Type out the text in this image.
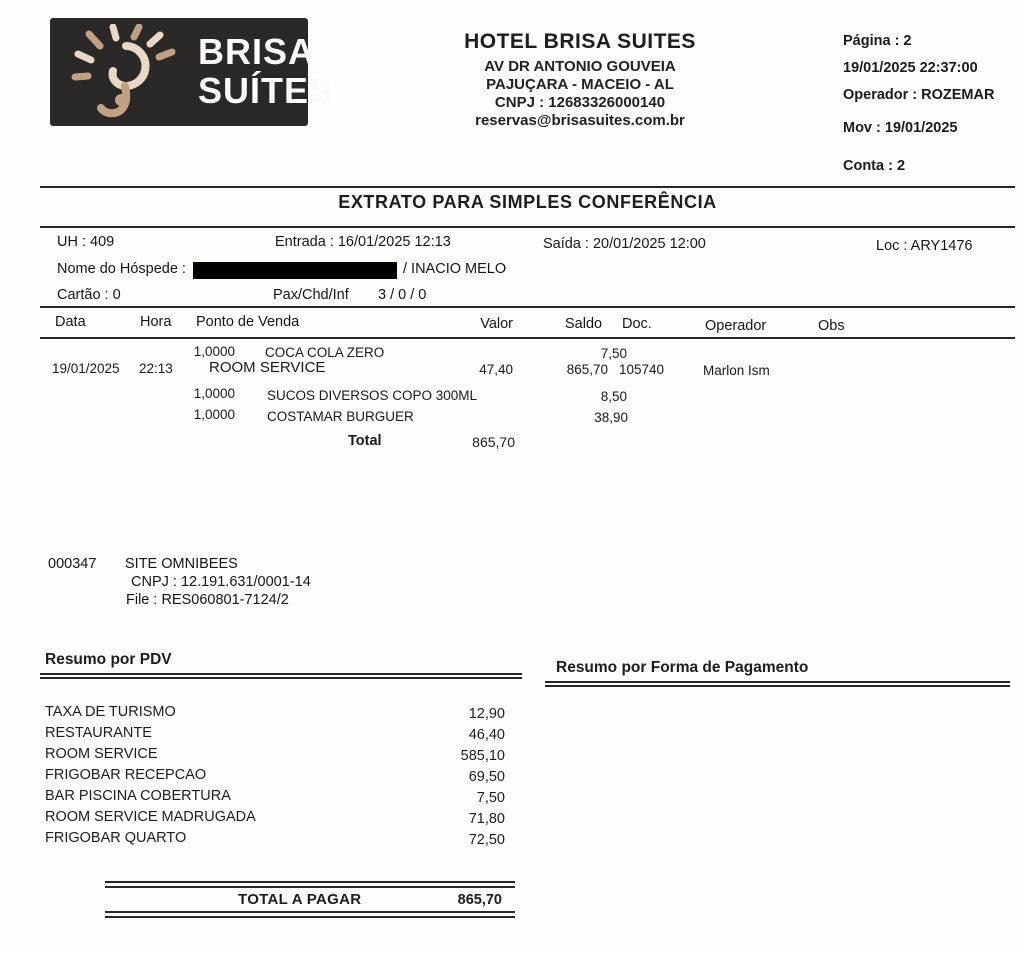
BRISA
SUÍTES
HOTEL BRISA SUITES
AV DR ANTONIO GOUVEIA
PAJUÇARA - MACEIO - AL
CNPJ : 12683326000140
reservas@brisasuites.com.br
Página : 2
19/01/2025 22:37:00
Operador : ROZEMAR
Mov : 19/01/2025
Conta : 2
EXTRATO PARA SIMPLES CONFERÊNCIA
UH : 409	Entrada : 16/01/2025 12:13	Saída : 20/01/2025 12:00	Loc : ARY1476
Nome do Hóspede :	/ INACIO MELO
Cartão : 0	Pax/Chd/Inf 3 / 0 / 0
Data	Hora Ponto de Venda	Valor	Saldo Doc.	Operador	Obs
1,0000 COCA COLA ZERO	7,50
19/01/2025 22:13 ROOM SERVICE	47,40	865,70 105740	Marlon Ism
1,0000 SUCOS DIVERSOS COPO 300ML	8,50
1,0000 COSTAMAR BURGUER	38,90
Total	865,70
000347 SITE OMNIBEES
CNPJ : 12.191.631/0001-14
File : RES060801-7124/2
Resumo por PDV	Resumo por Forma de Pagamento
TAXA DE TURISMO	12,90
RESTAURANTE	46,40
ROOM SERVICE	585,10
FRIGOBAR RECEPCAO	69,50
BAR PISCINA COBERTURA	7,50
ROOM SERVICE MADRUGADA	71,80
FRIGOBAR QUARTO	72,50
TOTAL A PAGAR	865,70
